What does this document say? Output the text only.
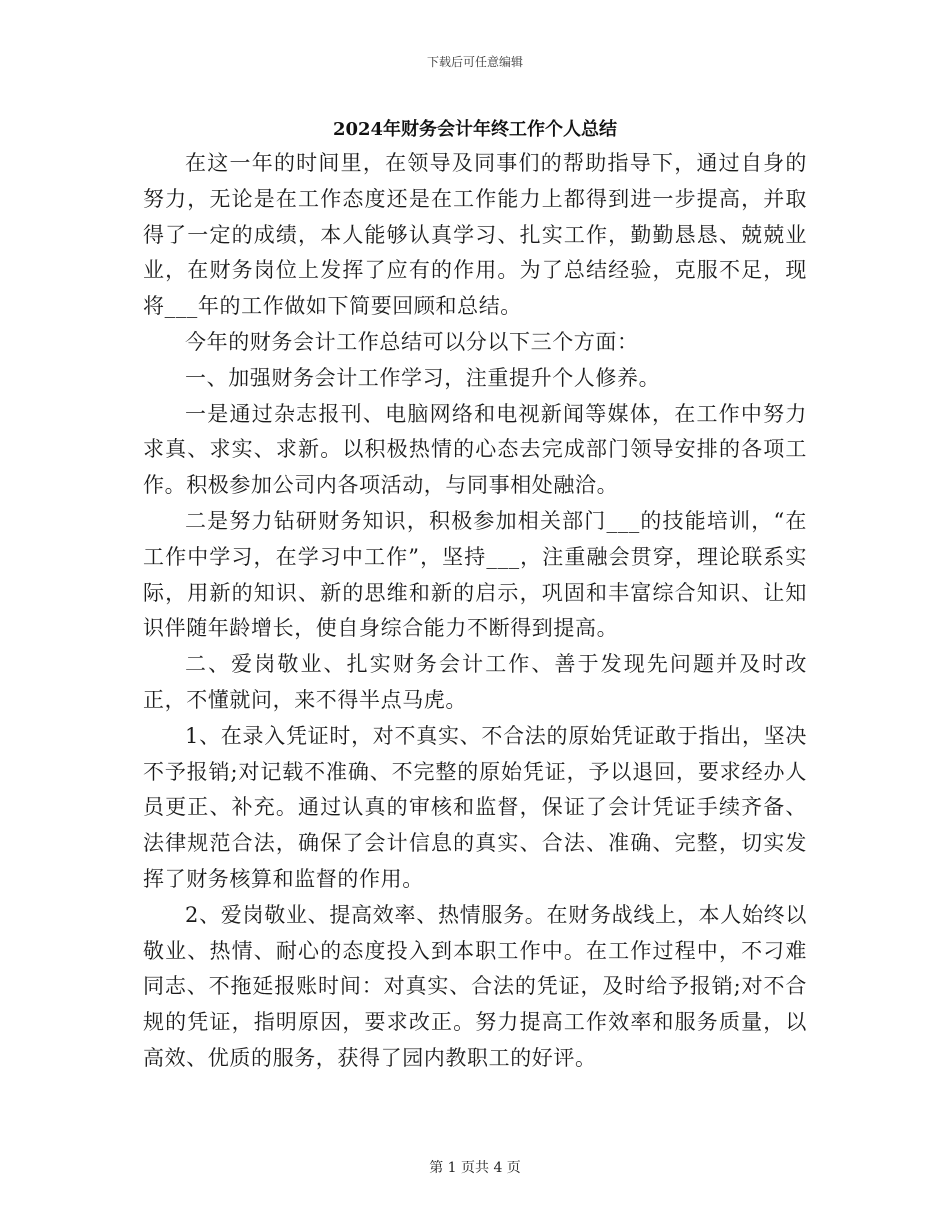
下载后可任意编辑
2024年财务会计年终工作个人总结

在这一年的时间里，在领导及同事们的帮助指导下，通过自身的努力，无论是在工作态度还是在工作能力上都得到进一步提高，并取得了一定的成绩，本人能够认真学习、扎实工作，勤勤恳恳、兢兢业业，在财务岗位上发挥了应有的作用。为了总结经验，克服不足，现将___年的工作做如下简要回顾和总结。

今年的财务会计工作总结可以分以下三个方面：

一、加强财务会计工作学习，注重提升个人修养。

一是通过杂志报刊、电脑网络和电视新闻等媒体，在工作中努力求真、求实、求新。以积极热情的心态去完成部门领导安排的各项工作。积极参加公司内各项活动，与同事相处融洽。

二是努力钻研财务知识，积极参加相关部门___的技能培训，“在工作中学习，在学习中工作”，坚持___，注重融会贯穿，理论联系实际，用新的知识、新的思维和新的启示，巩固和丰富综合知识、让知识伴随年龄增长，使自身综合能力不断得到提高。

二、爱岗敬业、扎实财务会计工作、善于发现先问题并及时改正，不懂就问，来不得半点马虎。

1、在录入凭证时，对不真实、不合法的原始凭证敢于指出，坚决不予报销;对记载不准确、不完整的原始凭证，予以退回，要求经办人员更正、补充。通过认真的审核和监督，保证了会计凭证手续齐备、法律规范合法，确保了会计信息的真实、合法、准确、完整，切实发挥了财务核算和监督的作用。

2、爱岗敬业、提高效率、热情服务。在财务战线上，本人始终以敬业、热情、耐心的态度投入到本职工作中。在工作过程中，不刁难同志、不拖延报账时间：对真实、合法的凭证，及时给予报销;对不合规的凭证，指明原因，要求改正。努力提高工作效率和服务质量，以高效、优质的服务，获得了园内教职工的好评。

第 1 页共 4 页
